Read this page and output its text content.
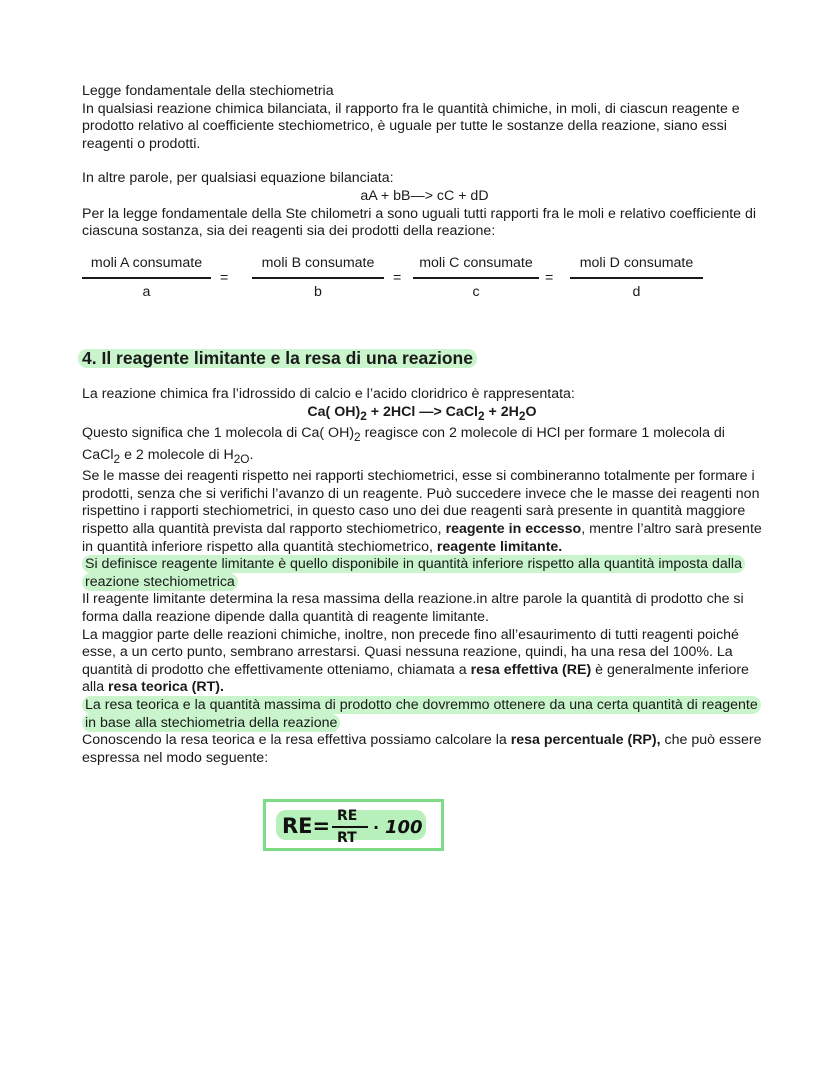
Legge fondamentale della stechiometria

In qualsiasi reazione chimica bilanciata, il rapporto fra le quantità chimiche, in moli, di ciascun reagente e prodotto relativo al coefficiente stechiometrico, è uguale per tutte le sostanze della reazione, siano essi reagenti o prodotti.

In altre parole, per qualsiasi equazione bilanciata:

aA + bB—> cC + dD

Per la legge fondamentale della Ste chilometri a sono uguali tutti rapporti fra le moli e relativo coefficiente di ciascuna sostanza, sia dei reagenti sia dei prodotti della reazione:

moli A consumate
a
=
moli B consumate
b
=
moli C consumate
c
=
moli D consumate
d
4. Il reagente limitante e la resa di una reazione

La reazione chimica fra l’idrossido di calcio e l’acido cloridrico è rappresentata:

Ca( $OH)_2 + 2HCl$ —> CaCl$_2$ + $2H_2O$

Questo significa che 1 molecola di Ca( $OH)_2$ reagisce con 2 molecole di HCl per formare 1 molecola di CaCl$_2$ e 2 molecole di $H_{2O}$.

Se le masse dei reagenti rispetto nei rapporti stechiometrici, esse si combineranno totalmente per formare i prodotti, senza che si verifichi l’avanzo di un reagente. Può succedere invece che le masse dei reagenti non rispettino i rapporti stechiometrici, in questo caso uno dei due reagenti sarà presente in quantità maggiore rispetto alla quantità prevista dal rapporto stechiometrico, reagente in eccesso, mentre l’altro sarà presente in quantità inferiore rispetto alla quantità stechiometrico, reagente limitante.

Si definisce reagente limitante è quello disponibile in quantità inferiore rispetto alla quantità imposta dalla reazione stechiometrica

Il reagente limitante determina la resa massima della reazione.in altre parole la quantità di prodotto che si forma dalla reazione dipende dalla quantità di reagente limitante.

La maggior parte delle reazioni chimiche, inoltre, non precede fino all’esaurimento di tutti reagenti poiché esse, a un certo punto, sembrano arrestarsi. Quasi nessuna reazione, quindi, ha una resa del 100%. La quantità di prodotto che effettivamente otteniamo, chiamata a resa effettiva (RE) è generalmente inferiore alla resa teorica (RT).

La resa teorica e la quantità massima di prodotto che dovremmo ottenere da una certa quantità di reagente in base alla stechiometria della reazione

Conoscendo la resa teorica e la resa effettiva possiamo calcolare la resa percentuale (RP), che può essere espressa nel modo seguente:

RE= RE
RT
· 100
